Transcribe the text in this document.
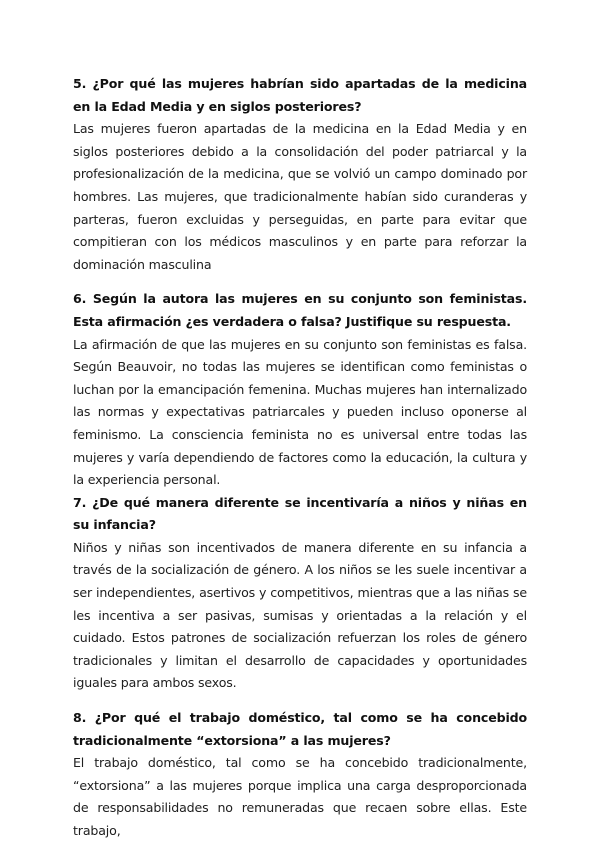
5. ¿Por qué las mujeres habrían sido apartadas de la medicina en la Edad Media y en siglos posteriores?

Las mujeres fueron apartadas de la medicina en la Edad Media y en siglos posteriores debido a la consolidación del poder patriarcal y la profesionalización de la medicina, que se volvió un campo dominado por hombres. Las mujeres, que tradicionalmente habían sido curanderas y parteras, fueron excluidas y perseguidas, en parte para evitar que compitieran con los médicos masculinos y en parte para reforzar la dominación masculina

6. Según la autora las mujeres en su conjunto son feministas. Esta afirmación ¿es verdadera o falsa? Justifique su respuesta.

La afirmación de que las mujeres en su conjunto son feministas es falsa. Según Beauvoir, no todas las mujeres se identifican como feministas o luchan por la emancipación femenina. Muchas mujeres han internalizado las normas y expectativas patriarcales y pueden incluso oponerse al feminismo. La consciencia feminista no es universal entre todas las mujeres y varía dependiendo de factores como la educación, la cultura y la experiencia personal.

7. ¿De qué manera diferente se incentivaría a niños y niñas en su infancia?

Niños y niñas son incentivados de manera diferente en su infancia a través de la socialización de género. A los niños se les suele incentivar a ser independientes, asertivos y competitivos, mientras que a las niñas se les incentiva a ser pasivas, sumisas y orientadas a la relación y el cuidado. Estos patrones de socialización refuerzan los roles de género tradicionales y limitan el desarrollo de capacidades y oportunidades iguales para ambos sexos.

8. ¿Por qué el trabajo doméstico, tal como se ha concebido tradicionalmente “extorsiona” a las mujeres?

El trabajo doméstico, tal como se ha concebido tradicionalmente, “extorsiona” a las mujeres porque implica una carga desproporcionada de responsabilidades no remuneradas que recaen sobre ellas. Este trabajo,
